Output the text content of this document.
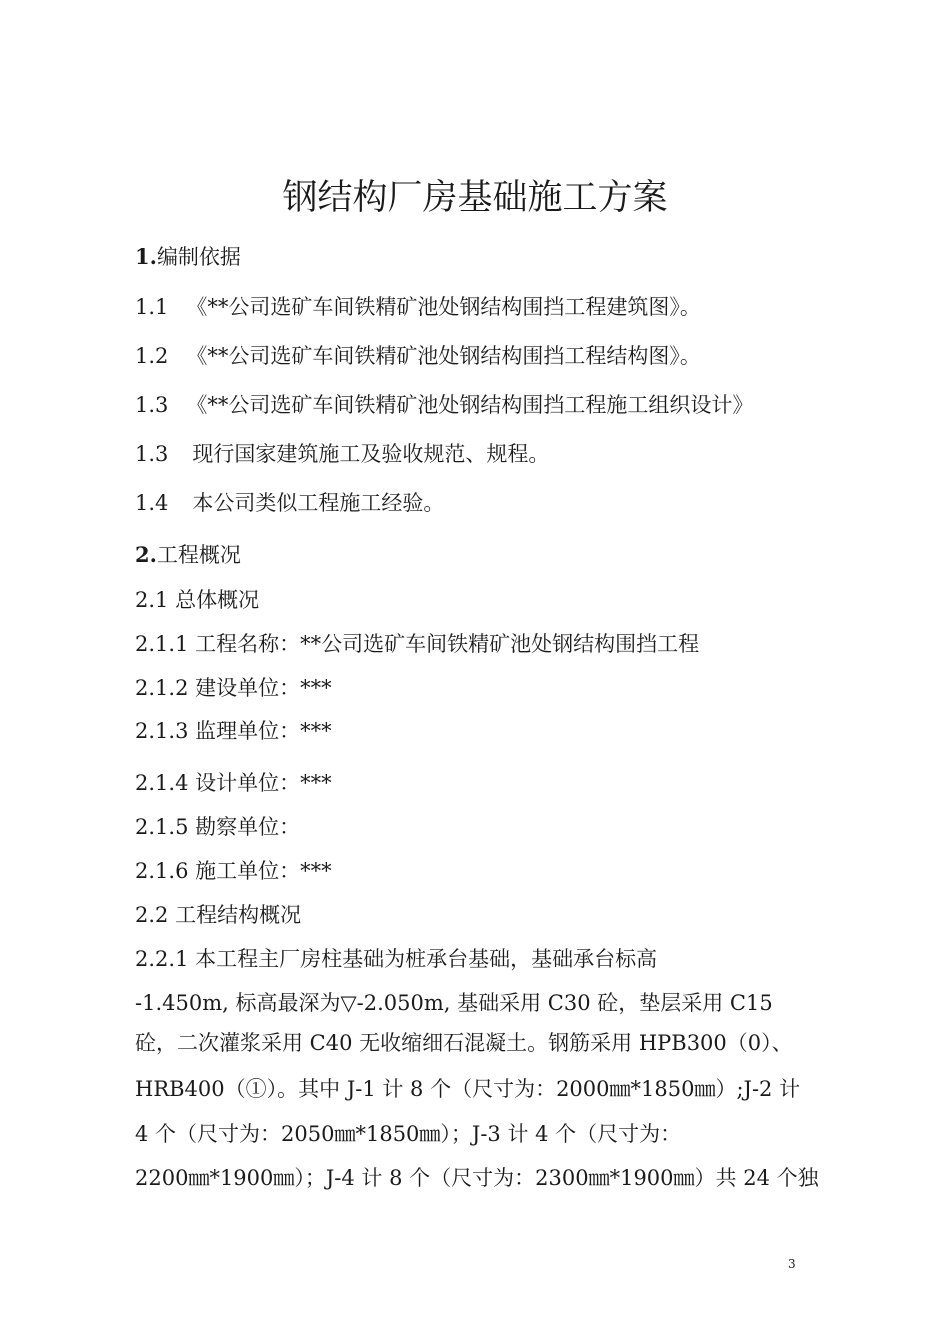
钢结构厂房基础施工方案
1.编制依据
1.1 《**公司选矿车间铁精矿池处钢结构围挡工程建筑图》。
1.2 《**公司选矿车间铁精矿池处钢结构围挡工程结构图》。
1.3 《**公司选矿车间铁精矿池处钢结构围挡工程施工组织设计》
1.3 现行国家建筑施工及验收规范、规程。
1.4 本公司类似工程施工经验。
2.工程概况
2.1 总体概况
2.1.1 工程名称：**公司选矿车间铁精矿池处钢结构围挡工程
2.1.2 建设单位：***
2.1.3 监理单位：***
2.1.4 设计单位：***
2.1.5 勘察单位：
2.1.6 施工单位：***
2.2 工程结构概况
2.2.1 本工程主厂房柱基础为桩承台基础，基础承台标高
-1.450m, 标高最深为▽-2.050m, 基础采用 C30 砼，垫层采用 C15
砼，二次灌浆采用 C40 无收缩细石混凝土。钢筋采用 HPB300（0）、
HRB400（①）。其中 J-1 计 8 个（尺寸为：2000㎜*1850㎜）;J-2 计
4 个（尺寸为：2050㎜*1850㎜）；J-3 计 4 个（尺寸为：
2200㎜*1900㎜）；J-4 计 8 个（尺寸为：2300㎜*1900㎜）共 24 个独
3
